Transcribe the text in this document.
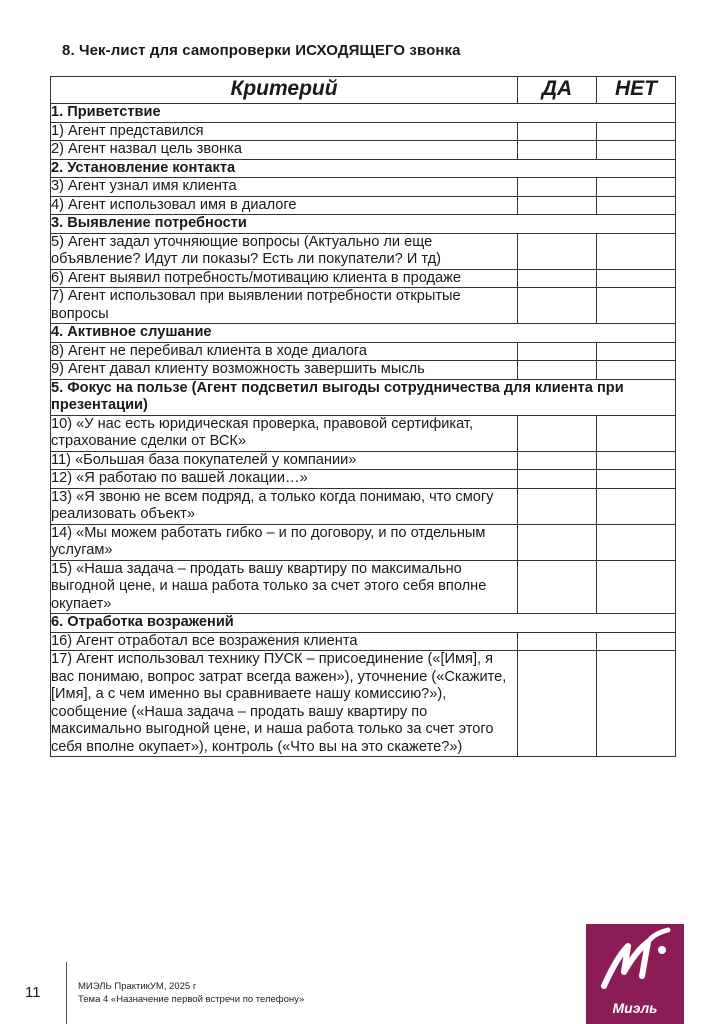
8. Чек-лист для самопроверки ИСХОДЯЩЕГО звонка
Критерий	ДА	НЕТ
1. Приветствие		
1) Агент представился		
2) Агент назвал цель звонка		
2. Установление контакта		
3) Агент узнал имя клиента		
4) Агент использовал имя в диалоге		
3. Выявление потребности		
5) Агент задал уточняющие вопросы (Актуально ли еще объявление? Идут ли показы? Есть ли покупатели? И тд)		
6) Агент выявил потребность/мотивацию клиента в продаже		
7) Агент использовал при выявлении потребности открытые вопросы		
4. Активное слушание		
8) Агент не перебивал клиента в ходе диалога		
9) Агент давал клиенту возможность завершить мысль		
5. Фокус на пользе (Агент подсветил выгоды сотрудничества для клиента при презентации)		
10) «У нас есть юридическая проверка, правовой сертификат, страхование сделки от ВСК»		
11) «Большая база покупателей у компании»		
12) «Я работаю по вашей локации…»		
13) «Я звоню не всем подряд, а только когда понимаю, что смогу реализовать объект»		
14) «Мы можем работать гибко – и по договору, и по отдельным услугам»		
15) «Наша задача – продать вашу квартиру по максимально выгодной цене, и наша работа только за счет этого себя вполне окупает»		
6. Отработка возражений		
16) Агент отработал все возражения клиента		
17) Агент использовал технику ПУСК – присоединение («[Имя], я вас понимаю, вопрос затрат всегда важен»), уточнение («Скажите, [Имя], а с чем именно вы сравниваете нашу комиссию?»), сообщение («Наша задача – продать вашу квартиру по максимально выгодной цене, и наша работа только за счет этого себя вполне окупает»), контроль («Что вы на это скажете?»)		
11	МИЭЛЬ ПрактикУМ, 2025 г
Тема 4 «Назначение первой встречи по телефону»
Миэль
